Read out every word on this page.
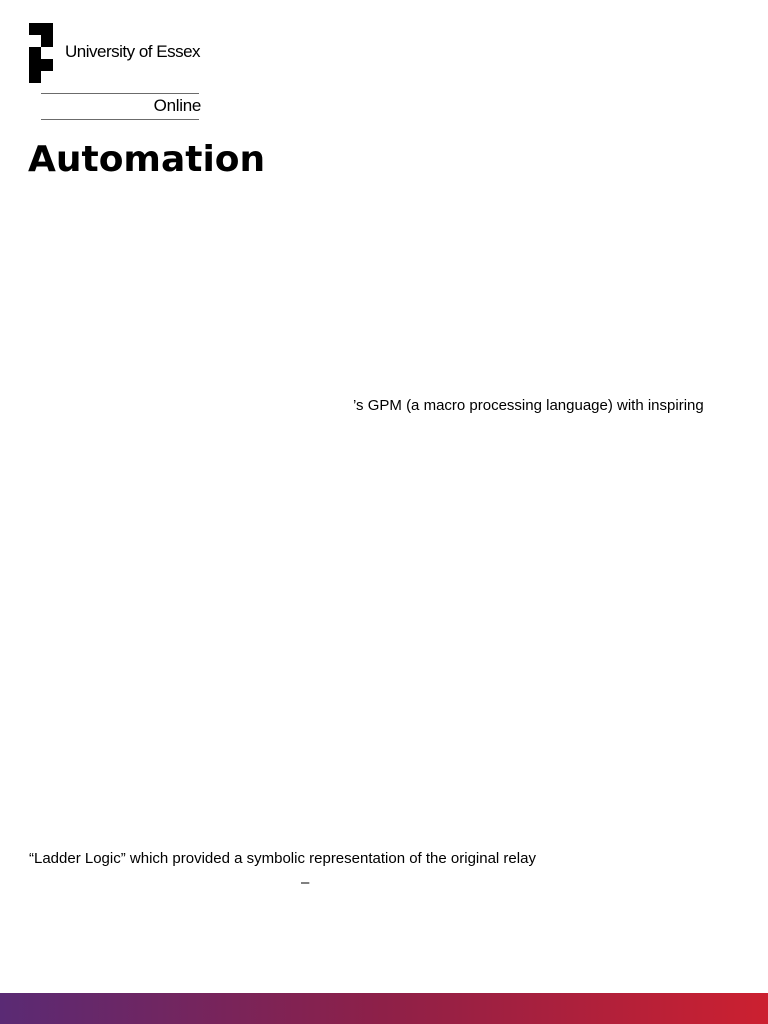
University of Essex
Online
Automation
’s GPM (a macro processing language) with inspiring
“Ladder Logic” which provided a symbolic representation of the original relay
–
